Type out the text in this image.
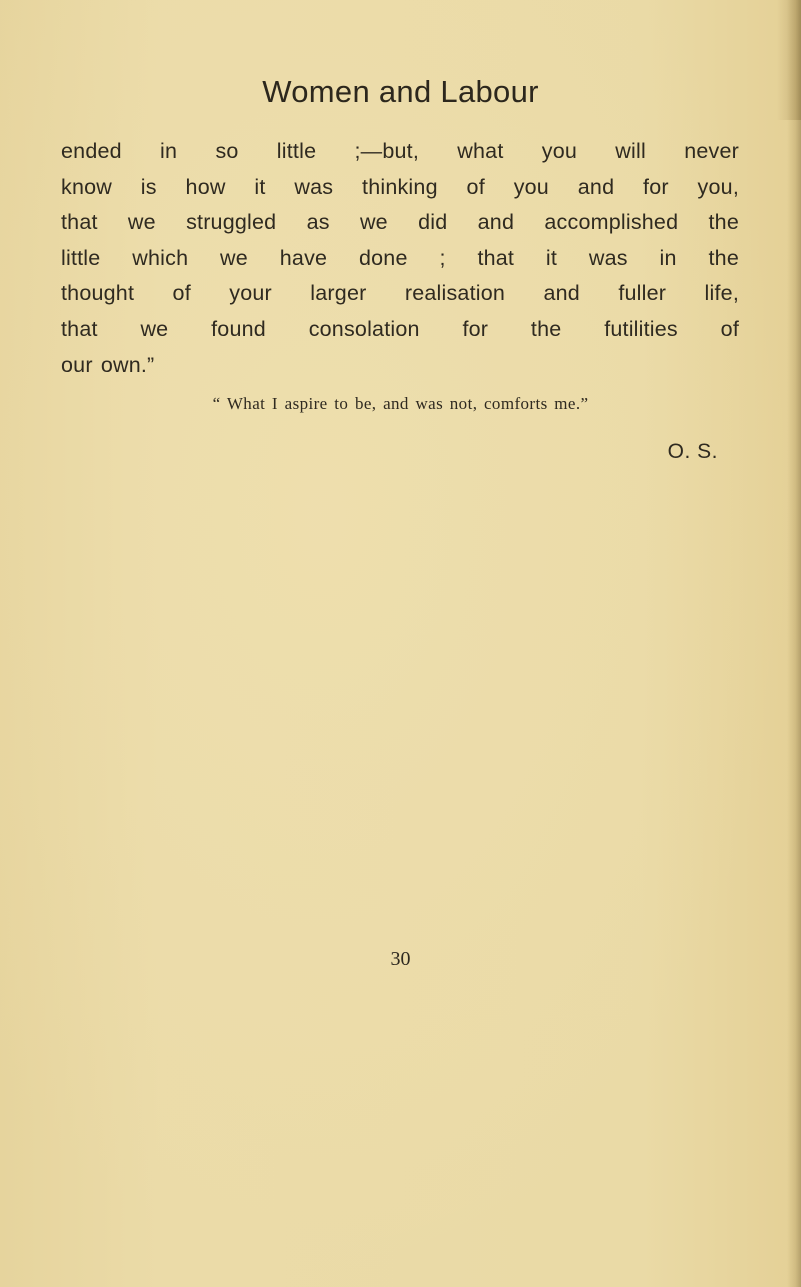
Women and Labour
ended in so little ;—but, what you will never
know is how it was thinking of you and for you,
that we struggled as we did and accomplished the
little which we have done ; that it was in the
thought of your larger realisation and fuller life,
that we found consolation for the futilities of
our own.”
“ What I aspire to be, and was not, comforts me.”
O. S.
30
